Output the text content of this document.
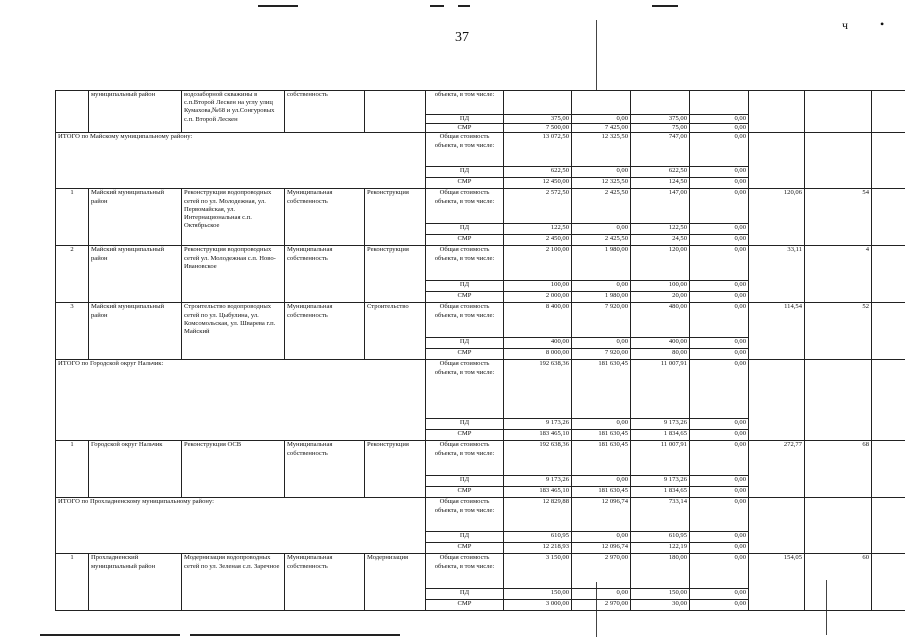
ч	•
37
	муниципальный район	водозаборной скважины в с.п.Второй Лескен на углу улиц Кумахова,№68 и ул.Сонгуровых с.п. Второй Лескен	собственность		объекта, в том числе:							
					ПД	375,00	0,00	375,00	0,00			
					СМР	7 500,00	7 425,00	75,00	0,00			
ИТОГО по Майскому муниципальному району:					Общая стоимость объекта, в том числе:	13 072,50	12 325,50	747,00	0,00			
					ПД	622,50	0,00	622,50	0,00			
					СМР	12 450,00	12 325,50	124,50	0,00			
1	Майский муниципальный район	Реконструкция водопроводных сетей по ул. Молодежная, ул. Первомайская, ул. Интернациональная с.п. Октябрьское	Муниципальная собственность	Реконструкция	Общая стоимость объекта, в том числе:	2 572,50	2 425,50	147,00	0,00	120,06	54	
					ПД	122,50	0,00	122,50	0,00			
					СМР	2 450,00	2 425,50	24,50	0,00			
2	Майский муниципальный район	Реконструкция водопроводных сетей ул. Молодежная с.п. Ново-Ивановское	Муниципальная собственность	Реконструкция	Общая стоимость объекта, в том числе:	2 100,00	1 980,00	120,00	0,00	33,11	4	
					ПД	100,00	0,00	100,00	0,00			
					СМР	2 000,00	1 980,00	20,00	0,00			
3	Майский муниципальный район	Строительство водопроводных сетей по ул. Цыбулина, ул. Комсомольская, ул. Шварева г.п. Майский	Муниципальная собственность	Строительство	Общая стоимость объекта, в том числе:	8 400,00	7 920,00	480,00	0,00	114,54	52	
					ПД	400,00	0,00	400,00	0,00			
					СМР	8 000,00	7 920,00	80,00	0,00			
ИТОГО по Городской округ Нальчик:					Общая стоимость объекта, в том числе:	192 638,36	181 630,45	11 007,91	0,00			
					ПД	9 173,26	0,00	9 173,26	0,00			
					СМР	183 465,10	181 630,45	1 834,65	0,00			
1	Городской округ Нальчик	Реконструкция ОСВ	Муниципальная собственность	Реконструкция	Общая стоимость объекта, в том числе:	192 638,36	181 630,45	11 007,91	0,00	272,77	68	
					ПД	9 173,26	0,00	9 173,26	0,00			
					СМР	183 465,10	181 630,45	1 834,65	0,00			
ИТОГО по Прохладненскому муниципальному району:					Общая стоимость объекта, в том числе:	12 829,88	12 096,74	733,14	0,00			
					ПД	610,95	0,00	610,95	0,00			
					СМР	12 218,93	12 096,74	122,19	0,00			
1	Прохладненский муниципальный район	Модернизация водопроводных сетей по ул. Зеленая с.п. Заречное	Муниципальная собственность	Модернизация	Общая стоимость объекта, в том числе:	3 150,00	2 970,00	180,00	0,00	154,05	60	
					ПД	150,00	0,00	150,00	0,00			
					СМР	3 000,00	2 970,00	30,00	0,00			
